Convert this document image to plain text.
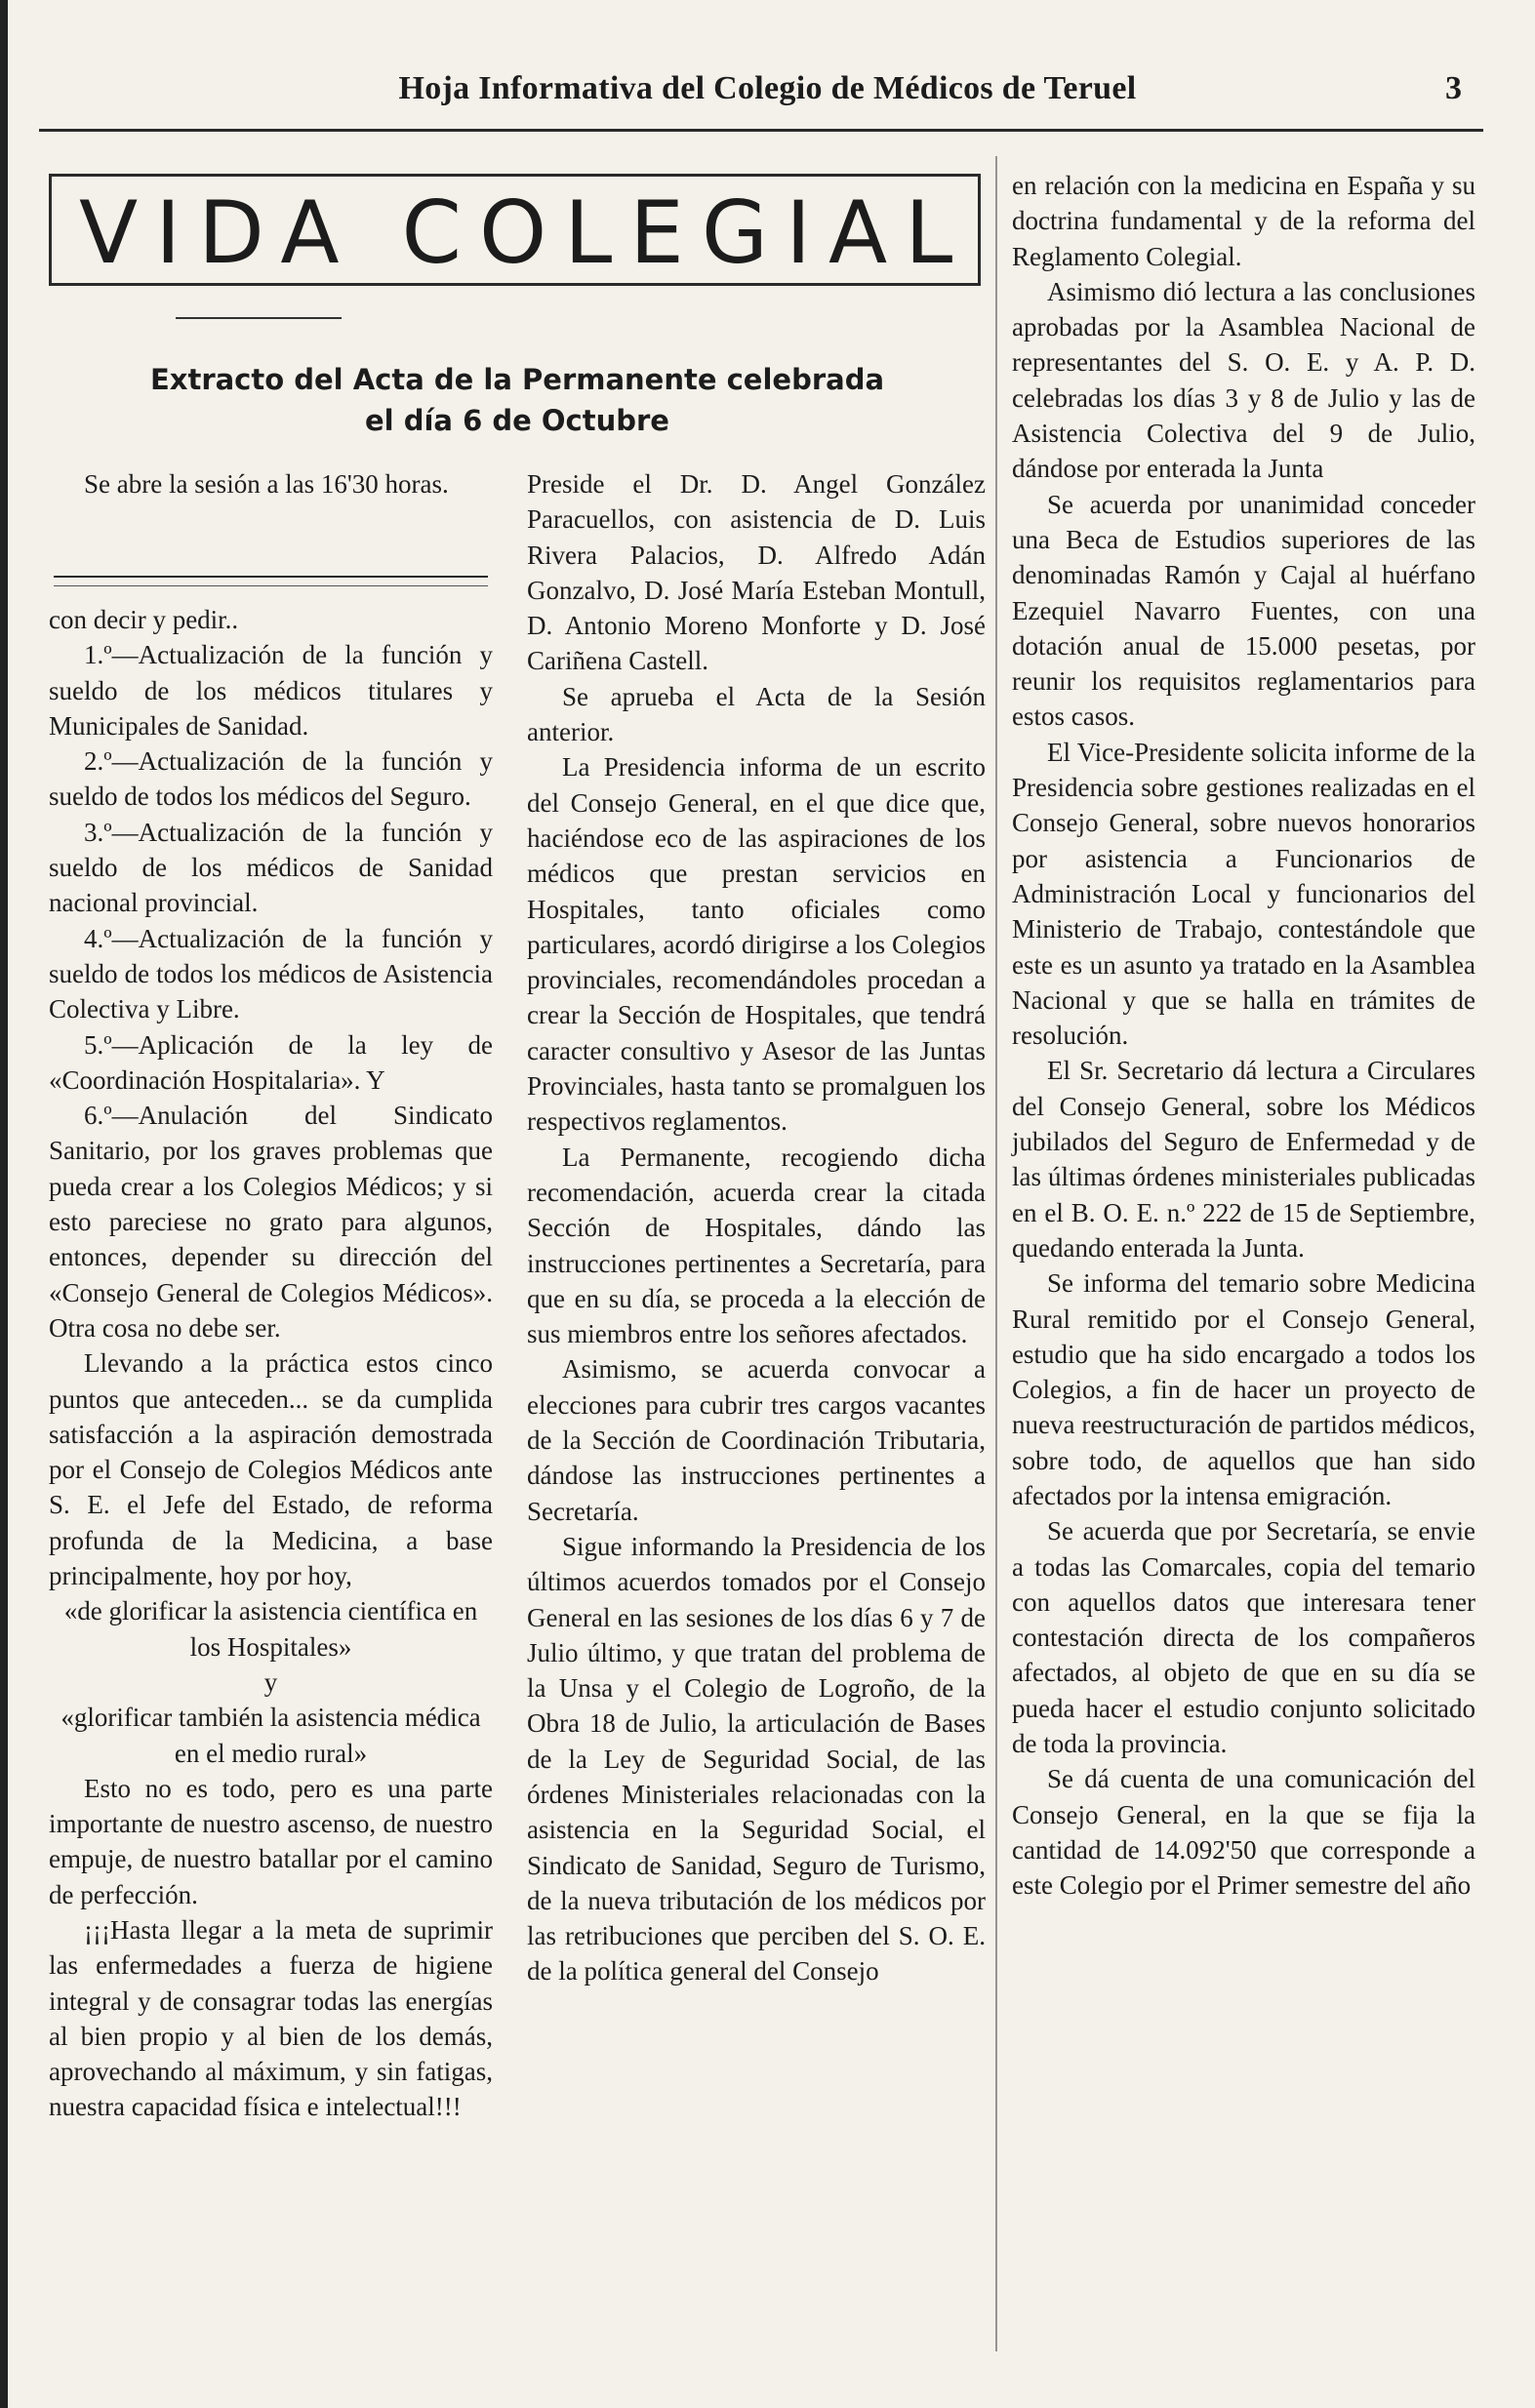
Hoja Informativa del Colegio de Médicos de Teruel	3
VIDA COLEGIAL
Extracto del Acta de la Permanente celebrada
el día 6 de Octubre

Se abre la sesión a las 16'30 horas.

con decir y pedir..

1.º—Actualización de la función y sueldo de los médicos titulares y Municipales de Sanidad.

2.º—Actualización de la función y sueldo de todos los médicos del Seguro.

3.º—Actualización de la función y sueldo de los médicos de Sanidad nacional provincial.

4.º—Actualización de la función y sueldo de todos los médicos de Asistencia Colectiva y Libre.

5.º—Aplicación de la ley de «Coordinación Hospitalaria». Y

6.º—Anulación del Sindicato Sanitario, por los graves problemas que pueda crear a los Colegios Médicos; y si esto pareciese no grato para algunos, entonces, depender su dirección del «Consejo General de Colegios Médicos». Otra cosa no debe ser.

Llevando a la práctica estos cinco puntos que anteceden... se da cumplida satisfacción a la aspiración demostrada por el Consejo de Colegios Médicos ante S. E. el Jefe del Estado, de reforma profunda de la Medicina, a base principalmente, hoy por hoy,

«de glorificar la asistencia científica en los Hospitales»

y

«glorificar también la asistencia médica en el medio rural»

Esto no es todo, pero es una parte importante de nuestro ascenso, de nuestro empuje, de nuestro batallar por el camino de perfección.

¡¡¡Hasta llegar a la meta de suprimir las enfermedades a fuerza de higiene integral y de consagrar todas las energías al bien propio y al bien de los demás, aprovechando al máximum, y sin fatigas, nuestra capacidad física e intelectual!!!

Preside el Dr. D. Angel González Paracuellos, con asistencia de D. Luis Rivera Palacios, D. Alfredo Adán Gonzalvo, D. José María Esteban Montull, D. Antonio Moreno Monforte y D. José Cariñena Castell.

Se aprueba el Acta de la Sesión anterior.

La Presidencia informa de un escrito del Consejo General, en el que dice que, haciéndose eco de las aspiraciones de los médicos que prestan servicios en Hospitales, tanto oficiales como particulares, acordó dirigirse a los Colegios provinciales, recomendándoles procedan a crear la Sección de Hospitales, que tendrá caracter consultivo y Asesor de las Juntas Provinciales, hasta tanto se promalguen los respectivos reglamentos.

La Permanente, recogiendo dicha recomendación, acuerda crear la citada Sección de Hospitales, dándo las instrucciones pertinentes a Secretaría, para que en su día, se proceda a la elección de sus miembros entre los señores afectados.

Asimismo, se acuerda convocar a elecciones para cubrir tres cargos vacantes de la Sección de Coordinación Tributaria, dándose las instrucciones pertinentes a Secretaría.

Sigue informando la Presidencia de los últimos acuerdos tomados por el Consejo General en las sesiones de los días 6 y 7 de Julio último, y que tratan del problema de la Unsa y el Colegio de Logroño, de la Obra 18 de Julio, la articulación de Bases de la Ley de Seguridad Social, de las órdenes Ministeriales relacionadas con la asistencia en la Seguridad Social, el Sindicato de Sanidad, Seguro de Turismo, de la nueva tributación de los médicos por las retribuciones que perciben del S. O. E. de la política general del Consejo

en relación con la medicina en España y su doctrina fundamental y de la reforma del Reglamento Colegial.

Asimismo dió lectura a las conclusiones aprobadas por la Asamblea Nacional de representantes del S. O. E. y A. P. D. celebradas los días 3 y 8 de Julio y las de Asistencia Colectiva del 9 de Julio, dándose por enterada la Junta

Se acuerda por unanimidad conceder una Beca de Estudios superiores de las denominadas Ramón y Cajal al huérfano Ezequiel Navarro Fuentes, con una dotación anual de 15.000 pesetas, por reunir los requisitos reglamentarios para estos casos.

El Vice-Presidente solicita informe de la Presidencia sobre gestiones realizadas en el Consejo General, sobre nuevos honorarios por asistencia a Funcionarios de Administración Local y funcionarios del Ministerio de Trabajo, contestándole que este es un asunto ya tratado en la Asamblea Nacional y que se halla en trámites de resolución.

El Sr. Secretario dá lectura a Circulares del Consejo General, sobre los Médicos jubilados del Seguro de Enfermedad y de las últimas órdenes ministeriales publicadas en el B. O. E. n.º 222 de 15 de Septiembre, quedando enterada la Junta.

Se informa del temario sobre Medicina Rural remitido por el Consejo General, estudio que ha sido encargado a todos los Colegios, a fin de hacer un proyecto de nueva reestructuración de partidos médicos, sobre todo, de aquellos que han sido afectados por la intensa emigración.

Se acuerda que por Secretaría, se envie a todas las Comarcales, copia del temario con aquellos datos que interesara tener contestación directa de los compañeros afectados, al objeto de que en su día se pueda hacer el estudio conjunto solicitado de toda la provincia.

Se dá cuenta de una comunicación del Consejo General, en la que se fija la cantidad de 14.092'50 que corresponde a este Colegio por el Primer semestre del año
